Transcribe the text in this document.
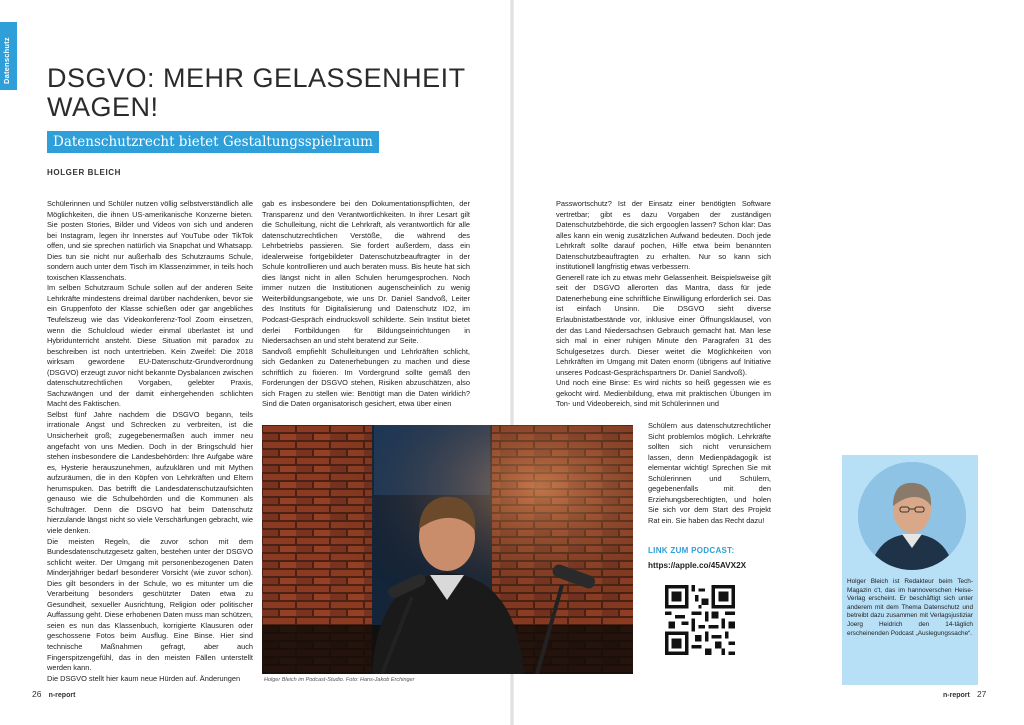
Datenschutz DSGVO: MEHR GELASSENHEIT
WAGEN!
Datenschutzrecht bietet Gestaltungsspielraum
HOLGER BLEICH

Schülerinnen und Schüler nutzen völlig selbstverständlich alle Möglichkeiten, die ihnen US-amerikanische Konzerne bieten. Sie posten Stories, Bilder und Videos von sich und anderen bei Instagram, legen ihr Innerstes auf YouTube oder TikTok offen, und sie sprechen natürlich via Snapchat und Whatsapp. Dies tun sie nicht nur außerhalb des Schutzraums Schule, sondern auch unter dem Tisch im Klassenzimmer, in teils hoch toxischen Klassenchats.

Im selben Schutzraum Schule sollen auf der anderen Seite Lehrkräfte mindestens dreimal darüber nachdenken, bevor sie ein Gruppenfoto der Klasse schießen oder gar angebliches Teufelszeug wie das Videokonferenz-Tool Zoom einsetzen, wenn die Schulcloud wieder einmal überlastet ist und Hybridunterricht ansteht. Diese Situation mit paradox zu beschreiben ist noch untertrieben. Kein Zweifel: Die 2018 wirksam gewordene EU-Datenschutz-Grundverordnung (DSGVO) erzeugt zuvor nicht bekannte Dysbalancen zwischen datenschutzrechtlichen Vorgaben, gelebter Praxis, Sachzwängen und der damit einhergehenden schlichten Macht des Faktischen.

Selbst fünf Jahre nachdem die DSGVO begann, teils irrationale Angst und Schrecken zu verbreiten, ist die Unsicherheit groß; zugegebenermaßen auch immer neu angefacht von uns Medien. Doch in der Bringschuld hier stehen insbesondere die Landesbehörden: Ihre Aufgabe wäre es, Hysterie herauszunehmen, aufzuklären und mit Mythen aufzuräumen, die in den Köpfen von Lehrkräften und Eltern herumspuken. Das betrifft die Landesdatenschutzaufsichten genauso wie die Schulbehörden und die Kommunen als Schulträger. Denn die DSGVO hat beim Datenschutz hierzulande längst nicht so viele Verschärfungen gebracht, wie viele denken.

Die meisten Regeln, die zuvor schon mit dem Bundesdatenschutzgesetz galten, bestehen unter der DSGVO schlicht weiter. Der Umgang mit personenbezogenen Daten Minderjähriger bedarf besonderer Vorsicht (wie zuvor schon). Dies gilt besonders in der Schule, wo es mitunter um die Verarbeitung besonders geschützter Daten etwa zu Gesundheit, sexueller Ausrichtung, Religion oder politischer Auffassung geht. Diese erhobenen Daten muss man schützen, seien es nun das Klassenbuch, korrigierte Klausuren oder geschossene Fotos beim Ausflug. Eine Binse. Hier sind technische Maßnahmen gefragt, aber auch Fingerspitzengefühl, das in den meisten Fällen unterstellt werden kann.

Die DSGVO stellt hier kaum neue Hürden auf. Änderungen

gab es insbesondere bei den Dokumentationspflichten, der Transparenz und den Verantwortlichkeiten. In ihrer Lesart gilt die Schulleitung, nicht die Lehrkraft, als verantwortlich für alle datenschutzrechtlichen Verstöße, die während des Lehrbetriebs passieren. Sie fordert außerdem, dass ein idealerweise fortgebildeter Datenschutzbeauftragter in der Schule kontrollieren und auch beraten muss. Bis heute hat sich dies längst nicht in allen Schulen herumgesprochen. Noch immer nutzen die Institutionen augenscheinlich zu wenig Weiterbildungsangebote, wie uns Dr. Daniel Sandvoß, Leiter des Instituts für Digitalisierung und Datenschutz ID2, im Podcast-Gespräch eindrucksvoll schilderte. Sein Institut bietet derlei Fortbildungen für Bildungseinrichtungen in Niedersachsen an und steht beratend zur Seite.

Sandvoß empfiehlt Schulleitungen und Lehrkräften schlicht, sich Gedanken zu Datenerhebungen zu machen und diese schriftlich zu fixieren. Im Vordergrund sollte gemäß den Forderungen der DSGVO stehen, Risiken abzuschätzen, also sich Fragen zu stellen wie: Benötigt man die Daten wirklich? Sind die Daten organisatorisch gesichert, etwa über einen

Passwortschutz? Ist der Einsatz einer benötigten Software vertretbar; gibt es dazu Vorgaben der zuständigen Datenschutzbehörde, die sich ergooglen lassen? Schon klar: Das alles kann ein wenig zusätzlichen Aufwand bedeuten. Doch jede Lehrkraft sollte darauf pochen, Hilfe etwa beim benannten Datenschutzbeauftragten zu erhalten. Nur so kann sich institutionell langfristig etwas verbessern.

Generell rate ich zu etwas mehr Gelassenheit. Beispielsweise gilt seit der DSGVO allerorten das Mantra, dass für jede Datenerhebung eine schriftliche Einwilligung erforderlich sei. Das ist einfach Unsinn. Die DSGVO sieht diverse Erlaubnistatbestände vor, inklusive einer Öffnungsklausel, von der das Land Niedersachsen Gebrauch gemacht hat. Man lese sich mal in einer ruhigen Minute den Paragrafen 31 des Schulgesetzes durch. Dieser weitet die Möglichkeiten von Lehrkräften im Umgang mit Daten enorm (übrigens auf Initiative unseres Podcast-Gesprächspartners Dr. Daniel Sandvoß).

Und noch eine Binse: Es wird nichts so heiß gegessen wie es gekocht wird. Medienbildung, etwa mit praktischen Übungen im Ton- und Videobereich, sind mit Schülerinnen und

Schülern aus datenschutzrechtlicher Sicht problemlos möglich. Lehrkräfte sollten sich nicht verunsichern lassen, denn Medienpädagogik ist elementar wichtig! Sprechen Sie mit Schülerinnen und Schülern, gegebenenfalls mit den Erziehungsberechtigten, und holen Sie sich vor dem Start des Projekt Rat ein. Sie haben das Recht dazu!

Holger Bleich im Podcast-Studio. Foto: Hans-Jakob Erchinger
LINK ZUM PODCAST:
https://apple.co/45AVX2X
Holger Bleich ist Redakteur beim Tech-Magazin c't, das im hannoverschen Heise-Verlag erscheint. Er beschäftigt sich unter anderem mit dem Thema Datenschutz und betreibt dazu zusammen mit Verlagsjustiziar Joerg Heidrich den 14-täglich erscheinenden Podcast „Auslegungssache“.
26 n-report	n-report 27
